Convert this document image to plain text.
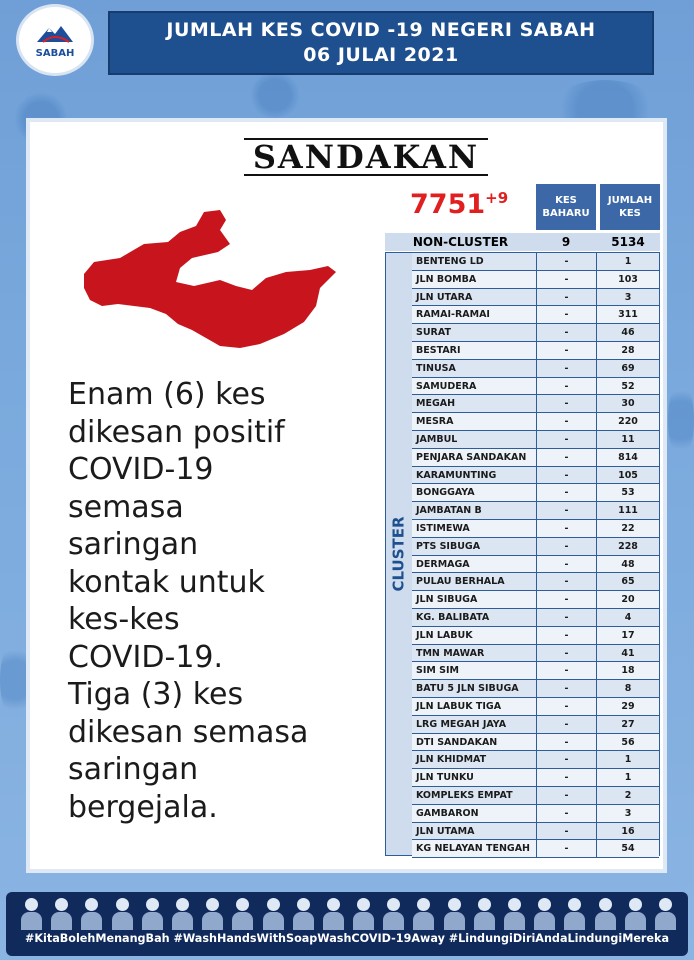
SABAH
JUMLAH KES COVID -19 NEGERI SABAH
06 JULAI 2021
SANDAKAN
Enam (6) kes
dikesan positif
COVID-19
semasa
saringan
kontak untuk
kes-kes
COVID-19.
Tiga (3) kes
dikesan semasa
saringan
bergejala.
$7751^{+9}$	KES BAHARU
JUMLAH KES
NON-CLUSTER	9	5134
CLUSTER
BENTENG LD	-	1
JLN BOMBA	-	103
JLN UTARA	-	3
RAMAI-RAMAI	-	311
SURAT	-	46
BESTARI	-	28
TINUSA	-	69
SAMUDERA	-	52
MEGAH	-	30
MESRA	-	220
JAMBUL	-	11
PENJARA SANDAKAN	-	814
KARAMUNTING	-	105
BONGGAYA	-	53
JAMBATAN B	-	111
ISTIMEWA	-	22
PTS SIBUGA	-	228
DERMAGA	-	48
PULAU BERHALA	-	65
JLN SIBUGA	-	20
KG. BALIBATA	-	4
JLN LABUK	-	17
TMN MAWAR	-	41
SIM SIM	-	18
BATU 5 JLN SIBUGA	-	8
JLN LABUK TIGA	-	29
LRG MEGAH JAYA	-	27
DTI SANDAKAN	-	56
JLN KHIDMAT	-	1
JLN TUNKU	-	1
KOMPLEKS EMPAT	-	2
GAMBARON	-	3
JLN UTAMA	-	16
KG NELAYAN TENGAH	-	54
#KitaBolehMenangBah #WashHandsWithSoapWashCOVID-19Away #LindungiDiriAndaLindungiMereka
